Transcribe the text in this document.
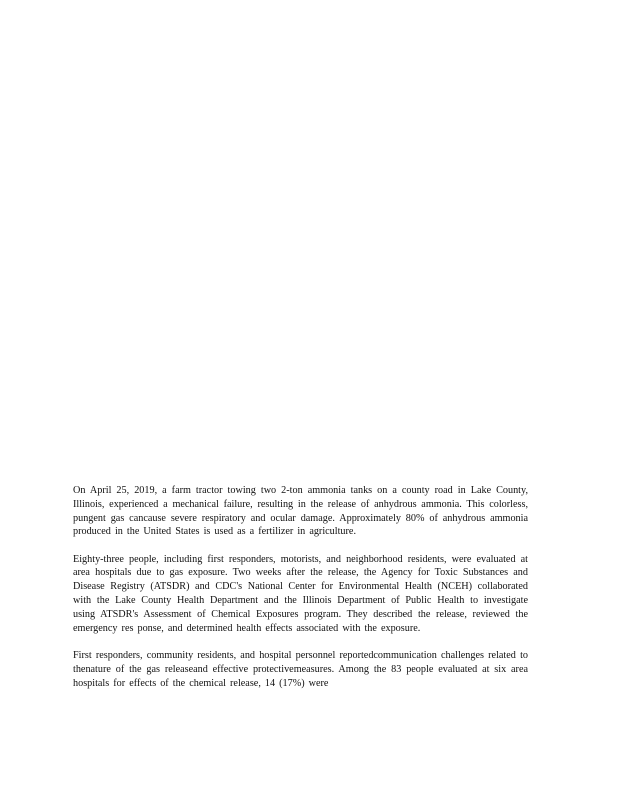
On April 25, 2019, a farm tractor towing two 2-ton ammonia tanks on a county road in Lake County, Illinois, experienced a mechanical failure, resulting in the release of anhydrous ammonia. This colorless, pungent gas cancause severe respiratory and ocular damage. Approximately 80% of anhydrous ammonia produced in the United States is used as a fertilizer in agriculture.

Eighty-three people, including first responders, motorists, and neighborhood residents, were evaluated at area hospitals due to gas exposure. Two weeks after the release, the Agency for Toxic Substances and Disease Registry (ATSDR) and CDC's National Center for Environmental Health (NCEH) collaborated with the Lake County Health Department and the Illinois Department of Public Health to investigate using ATSDR's Assessment of Chemical Exposures program. They described the release, reviewed the emergency res ponse, and determined health effects associated with the exposure.

First responders, community residents, and hospital personnel reportedcommunication challenges related to thenature of the gas releaseand effective protectivemeasures. Among the 83 people evaluated at six area hospitals for effects of the chemical release, 14 (17%) were
